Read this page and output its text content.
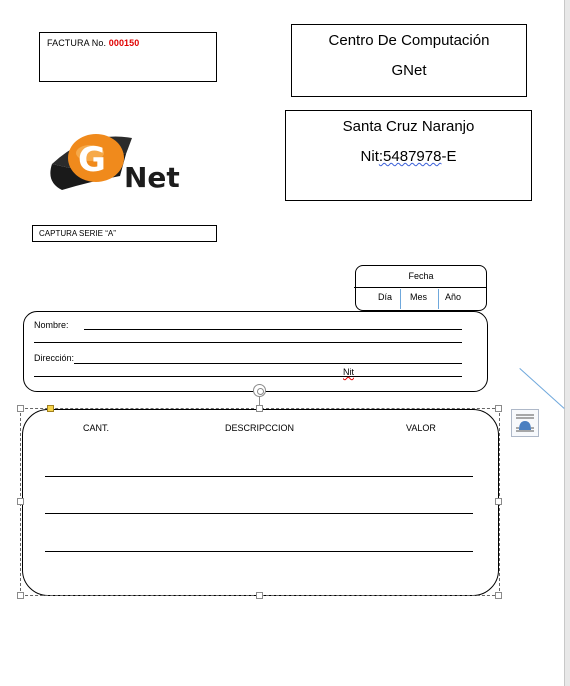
FACTURA No. 000150	Centro De Computación
GNet
Santa Cruz Naranjo
Nit:5487978-E
G Net
CAPTURA SERIE “A”
Fecha
Día Mes Año
Nombre:
Dirección:
Nit
CANT.	DESCRIPCCION	VALOR
